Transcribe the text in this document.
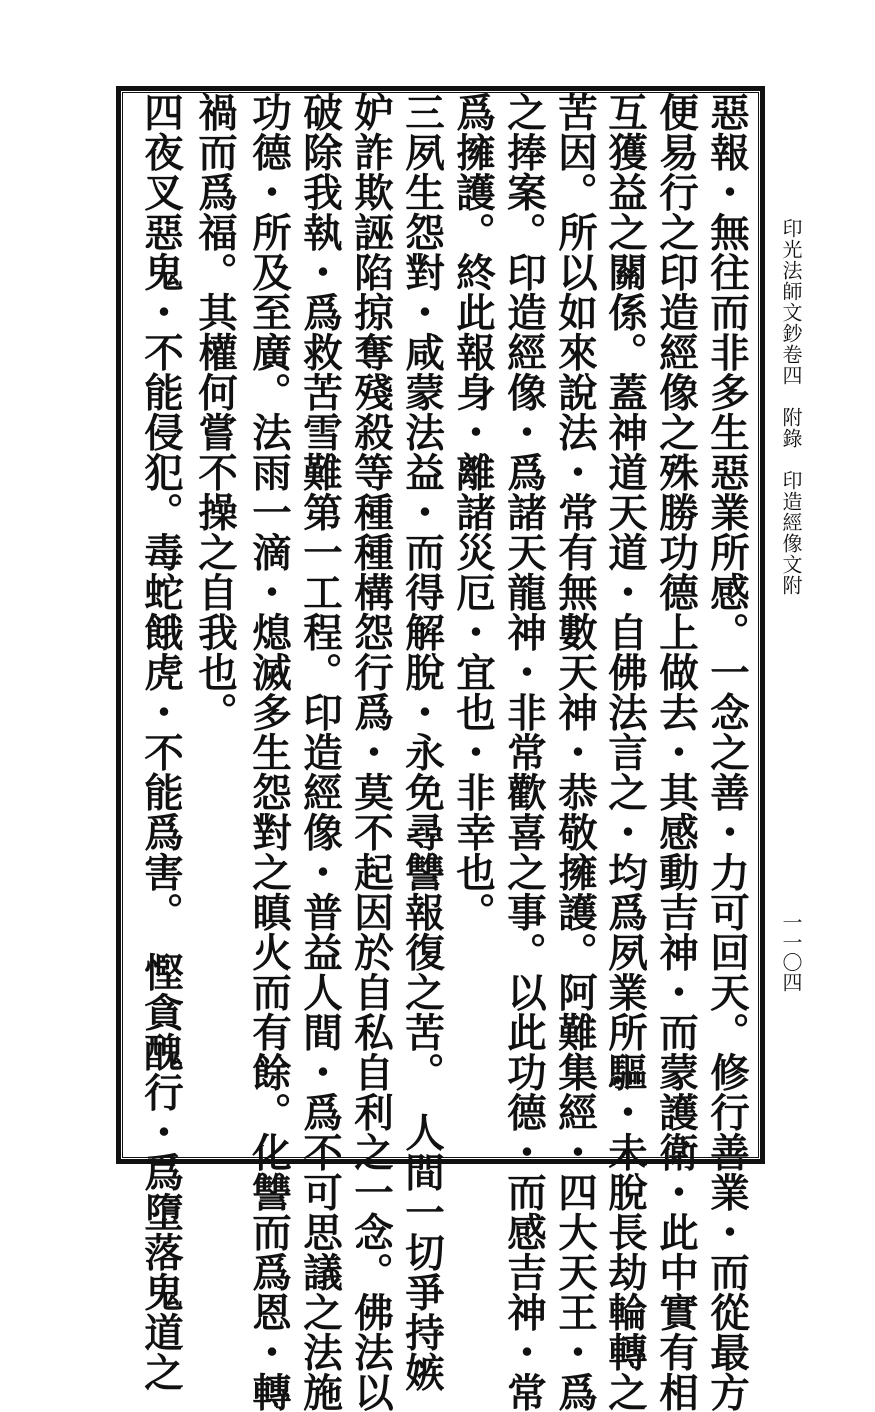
印光法師文鈔卷四　附錄　印造經像文附
一一〇四
惡報・無往而非多生惡業所感。一念之善・力可回天。修行善業・而從最方
便易行之印造經像之殊勝功德上做去・其感動吉神・而蒙護衛・此中實有相
互獲益之關係。蓋神道天道・自佛法言之・均爲夙業所驅・未脫長劫輪轉之
苦因。所以如來說法・常有無數天神・恭敬擁護。阿難集經・四大天王・爲
之捧案。印造經像・爲諸天龍神・非常歡喜之事。以此功德・而感吉神・常
爲擁護。終此報身・離諸災厄・宜也・非幸也。
三夙生怨對・咸蒙法益・而得解脫・永免尋讐報復之苦。　人間一切爭持嫉
妒詐欺誣陷掠奪殘殺等種種構怨行爲・莫不起因於自私自利之一念。佛法以
破除我執・爲救苦雪難第一工程。印造經像・普益人間・爲不可思議之法施
功德・所及至廣。法雨一滴・熄滅多生怨對之瞋火而有餘。化讐而爲恩・轉
禍而爲福。其權何嘗不操之自我也。
四夜叉惡鬼・不能侵犯。毒蛇餓虎・不能爲害。　慳貪醜行・爲墮落鬼道之
